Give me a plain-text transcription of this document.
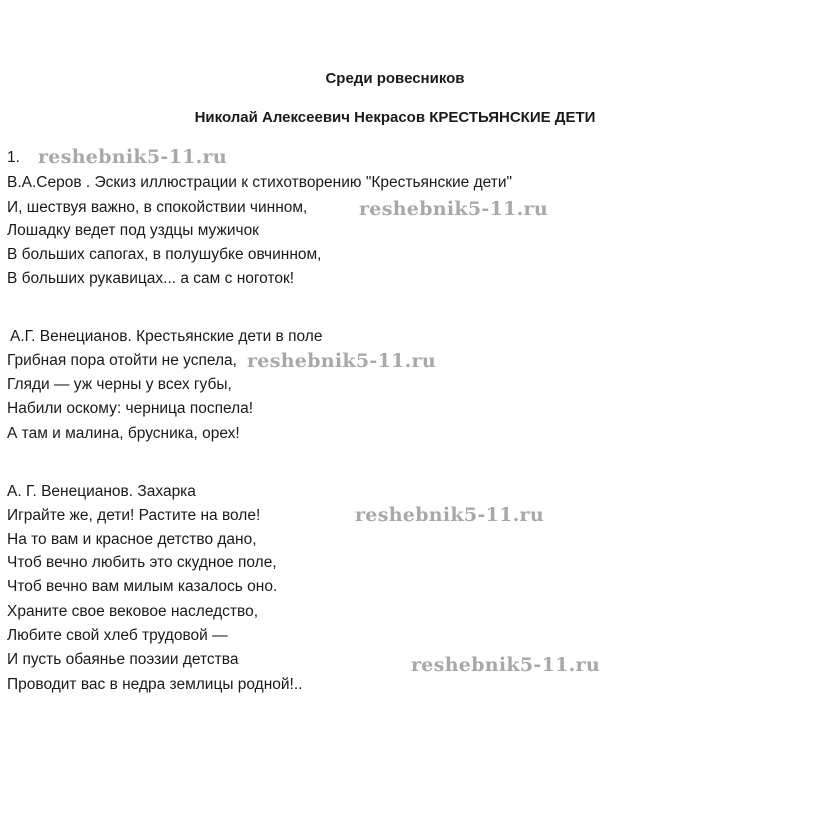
Среди ровесников
Николай Алексеевич Некрасов КРЕСТЬЯНСКИЕ ДЕТИ
1.
В.А.Серов . Эскиз иллюстрации к стихотворению "Крестьянские дети"
И, шествуя важно, в спокойствии чинном,
Лошадку ведет под уздцы мужичок
В больших сапогах, в полушубке овчинном,
В больших рукавицах... а сам с ноготок!
А.Г. Венецианов. Крестьянские дети в поле
Грибная пора отойти не успела,
Гляди — уж черны у всех губы,
Набили оскому: черница поспела!
А там и малина, брусника, орех!
А. Г. Венецианов. Захарка
Играйте же, дети! Растите на воле!
На то вам и красное детство дано,
Чтоб вечно любить это скудное поле,
Чтоб вечно вам милым казалось оно.
Храните свое вековое наследство,
Любите свой хлеб трудовой —
И пусть обаянье поэзии детства
Проводит вас в недра землицы родной!..
reshebnik5-11.ru
reshebnik5-11.ru
reshebnik5-11.ru
reshebnik5-11.ru
reshebnik5-11.ru
